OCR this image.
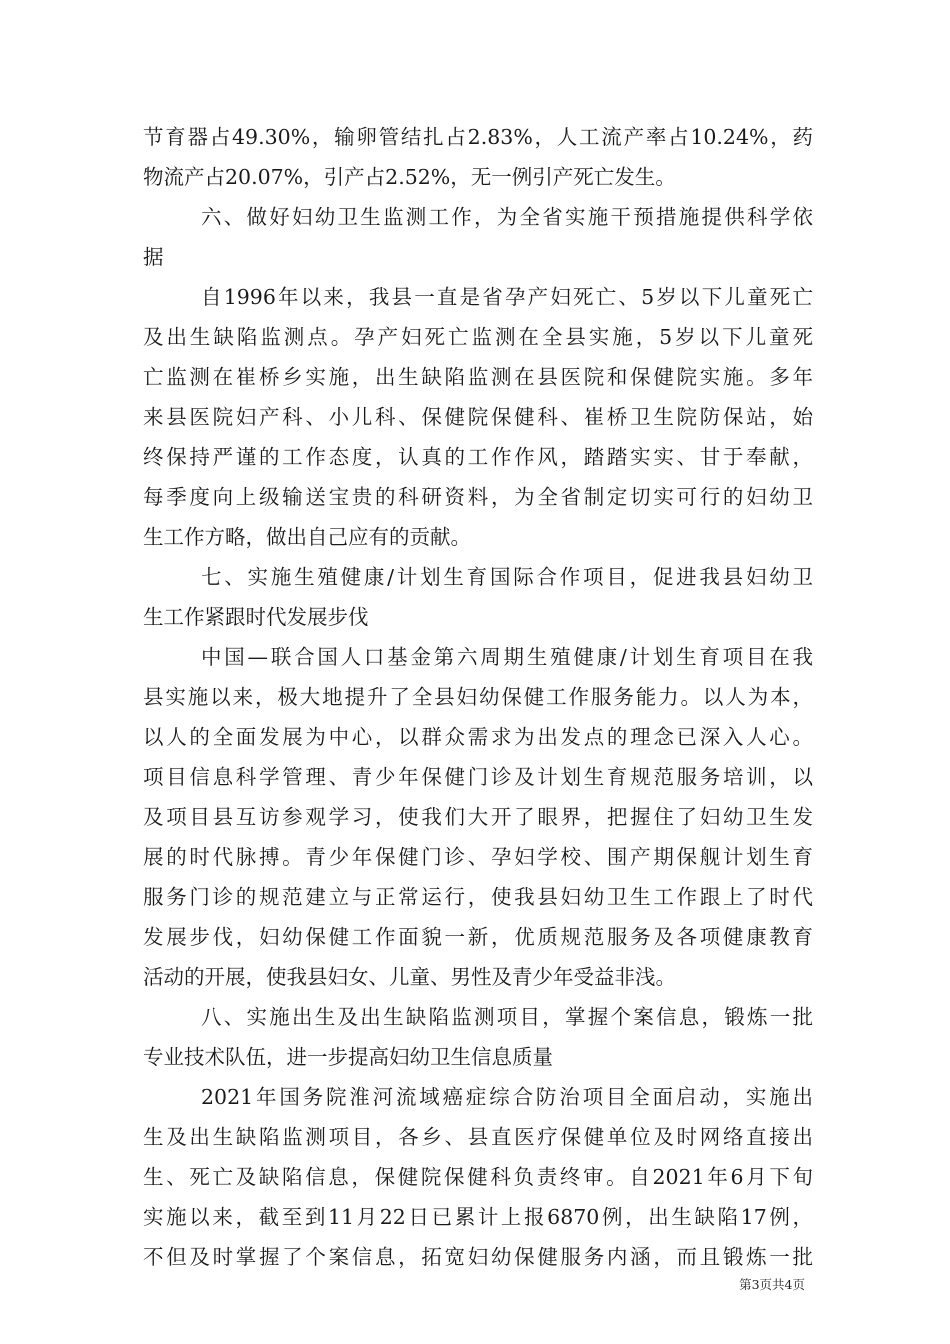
节育器占49.30%，输卵管结扎占2.83%，人工流产率占10.24%，药
物流产占20.07%，引产占2.52%，无一例引产死亡发生。
六、做好妇幼卫生监测工作，为全省实施干预措施提供科学依
据
自1996年以来，我县一直是省孕产妇死亡、5岁以下儿童死亡
及出生缺陷监测点。孕产妇死亡监测在全县实施，5岁以下儿童死
亡监测在崔桥乡实施，出生缺陷监测在县医院和保健院实施。多年
来县医院妇产科、小儿科、保健院保健科、崔桥卫生院防保站，始
终保持严谨的工作态度，认真的工作作风，踏踏实实、甘于奉献，
每季度向上级输送宝贵的科研资料，为全省制定切实可行的妇幼卫
生工作方略，做出自己应有的贡献。
七、实施生殖健康/计划生育国际合作项目，促进我县妇幼卫
生工作紧跟时代发展步伐
中国—联合国人口基金第六周期生殖健康/计划生育项目在我
县实施以来，极大地提升了全县妇幼保健工作服务能力。以人为本，
以人的全面发展为中心，以群众需求为出发点的理念已深入人心。
项目信息科学管理、青少年保健门诊及计划生育规范服务培训，以
及项目县互访参观学习，使我们大开了眼界，把握住了妇幼卫生发
展的时代脉搏。青少年保健门诊、孕妇学校、围产期保舰计划生育
服务门诊的规范建立与正常运行，使我县妇幼卫生工作跟上了时代
发展步伐，妇幼保健工作面貌一新，优质规范服务及各项健康教育
活动的开展，使我县妇女、儿童、男性及青少年受益非浅。
八、实施出生及出生缺陷监测项目，掌握个案信息，锻炼一批
专业技术队伍，进一步提高妇幼卫生信息质量
2021年国务院淮河流域癌症综合防治项目全面启动，实施出
生及出生缺陷监测项目，各乡、县直医疗保健单位及时网络直接出
生、死亡及缺陷信息，保健院保健科负责终审。自2021年6月下旬
实施以来，截至到11月22日已累计上报6870例，出生缺陷17例，
不但及时掌握了个案信息，拓宽妇幼保健服务内涵，而且锻炼一批
第3页共4页
